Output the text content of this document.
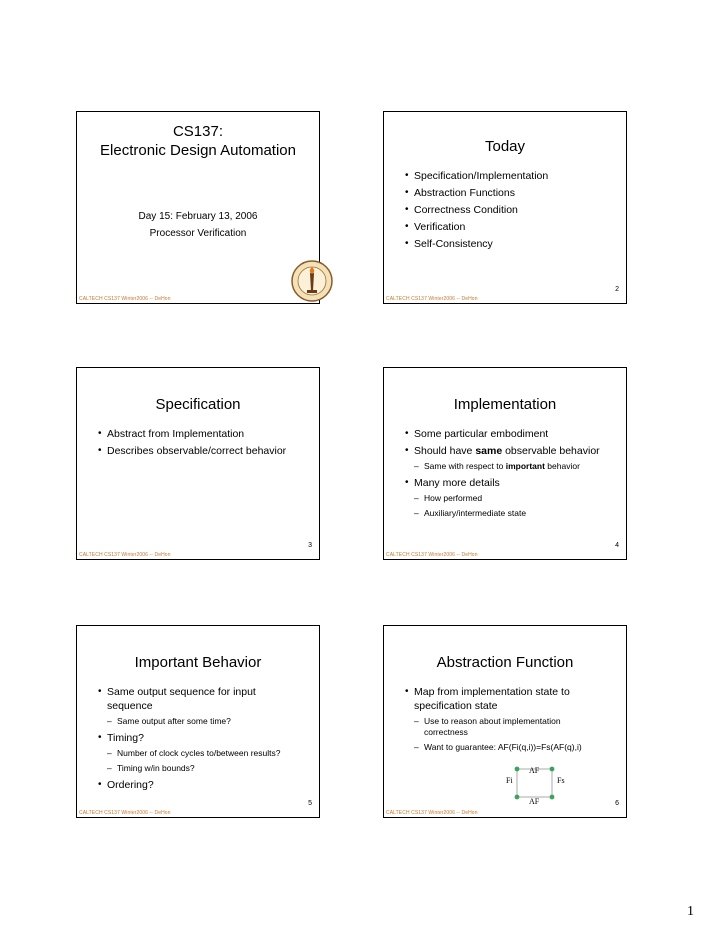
CS137:
Electronic Design Automation
Day 15: February 13, 2006
Processor Verification
CALTECH CS137 Winter2006 -- DeHon
Today
• Specification/Implementation
• Abstraction Functions
• Correctness Condition
• Verification
• Self-Consistency
2
CALTECH CS137 Winter2006 -- DeHon
Specification
• Abstract from Implementation
• Describes observable/correct behavior
3
CALTECH CS137 Winter2006 -- DeHon
Implementation
• Some particular embodiment
• Should have same observable behavior
– Same with respect to important behavior
• Many more details
– How performed
– Auxiliary/intermediate state
4
CALTECH CS137 Winter2006 -- DeHon
Important Behavior
• Same output sequence for input sequence
– Same output after some time?
• Timing?
– Number of clock cycles to/between results?
– Timing w/in bounds?
• Ordering?
5
CALTECH CS137 Winter2006 -- DeHon
Abstraction Function
• Map from implementation state to specification state
– Use to reason about implementation correctness
– Want to guarantee: AF(Fi(q,i))=Fs(AF(q),i)
AF
AF
Fi	Fs
6
CALTECH CS137 Winter2006 -- DeHon
1
